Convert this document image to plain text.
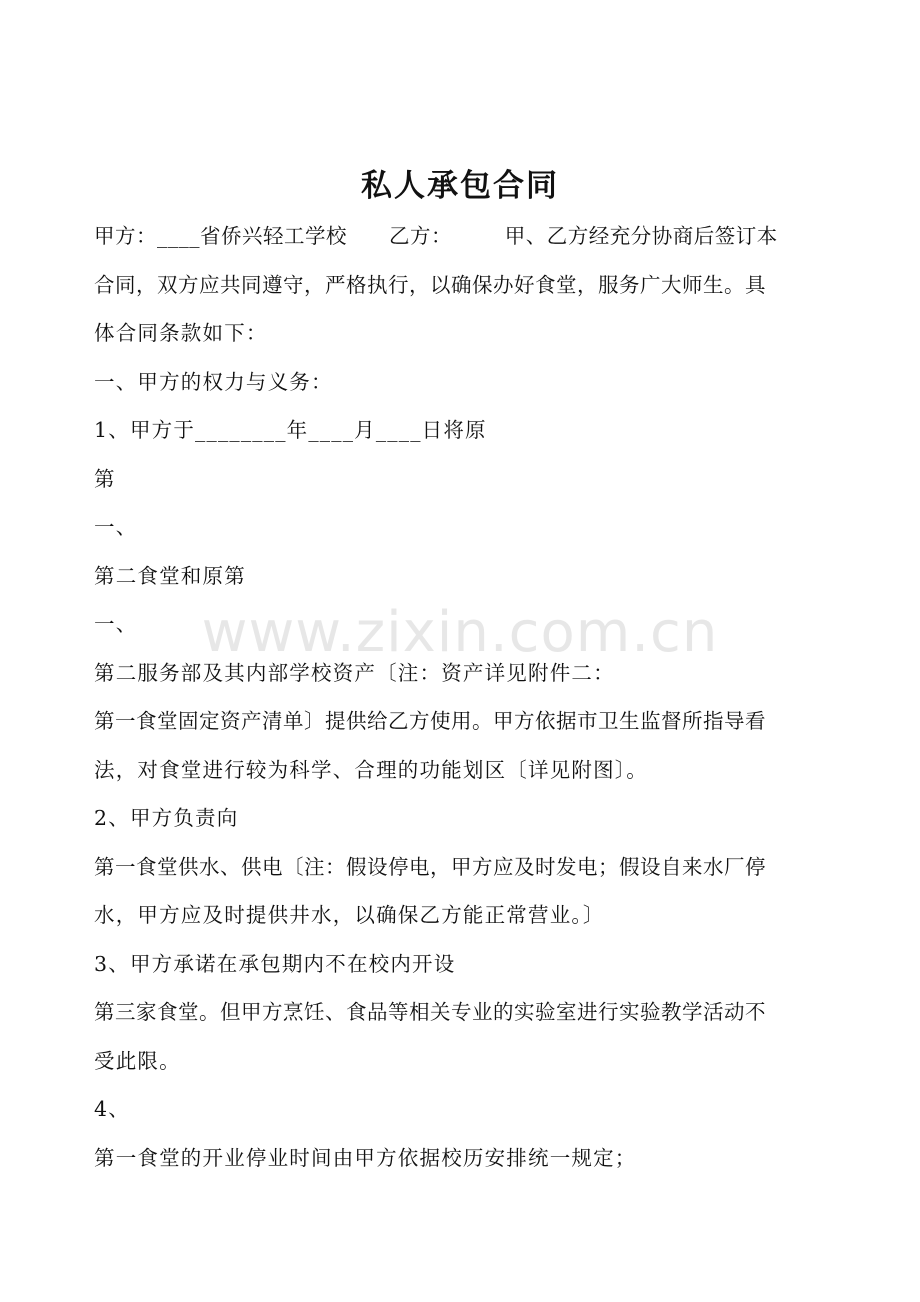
www.zixin.com.cn
私人承包合同
甲方：____省侨兴轻工学校　　乙方：　　　甲、乙方经充分协商后签订本
合同，双方应共同遵守，严格执行，以确保办好食堂，服务广大师生。具
体合同条款如下：
一、甲方的权力与义务：
1、甲方于________年____月____日将原
第
一、
第二食堂和原第
一、
第二服务部及其内部学校资产〔注：资产详见附件二：
第一食堂固定资产清单〕提供给乙方使用。甲方依据市卫生监督所指导看
法，对食堂进行较为科学、合理的功能划区〔详见附图〕。
2、甲方负责向
第一食堂供水、供电〔注：假设停电，甲方应及时发电；假设自来水厂停
水，甲方应及时提供井水，以确保乙方能正常营业。〕
3、甲方承诺在承包期内不在校内开设
第三家食堂。但甲方烹饪、食品等相关专业的实验室进行实验教学活动不
受此限。
4、
第一食堂的开业停业时间由甲方依据校历安排统一规定；
